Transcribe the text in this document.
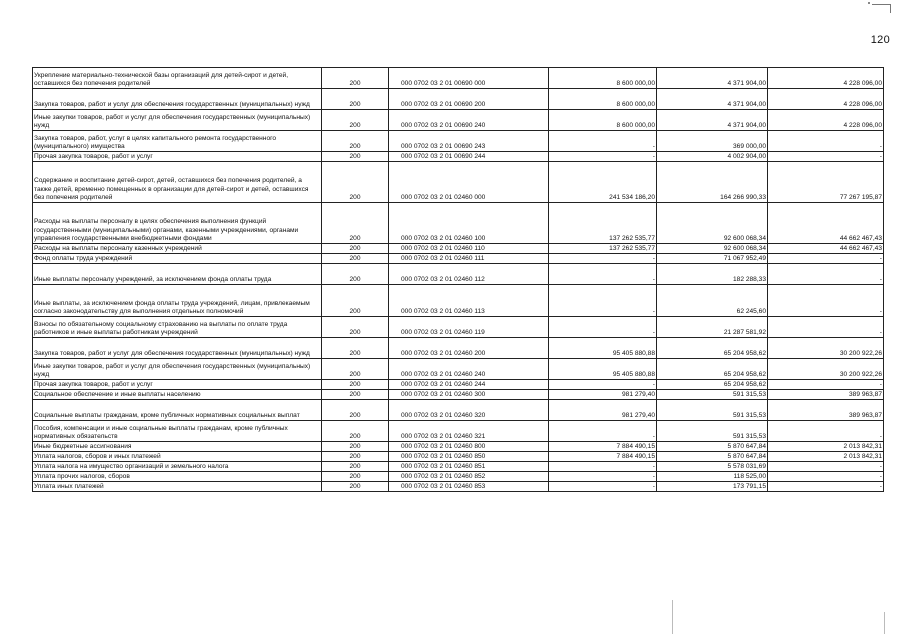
120
Укрепление материально-технической базы организаций для детей-сирот и детей, оставшихся без попечения родителей	200	000 0702 03 2 01 00690 000	8 600 000,00	4 371 904,00	4 228 096,00
Закупка товаров, работ и услуг для обеспечения государственных (муниципальных) нужд	200	000 0702 03 2 01 00690 200	8 600 000,00	4 371 904,00	4 228 096,00
Иные закупки товаров, работ и услуг для обеспечения государственных (муниципальных) нужд	200	000 0702 03 2 01 00690 240	8 600 000,00	4 371 904,00	4 228 096,00
Закупка товаров, работ, услуг в целях капитального ремонта государственного (муниципального) имущества	200	000 0702 03 2 01 00690 243	-	369 000,00	-
Прочая закупка товаров, работ и услуг	200	000 0702 03 2 01 00690 244	-	4 002 904,00	-
Содержание и воспитание детей-сирот, детей, оставшихся без попечения родителей, а также детей, временно помещенных в организации для детей-сирот и детей, оставшихся без попечения родителей	200	000 0702 03 2 01 02460 000	241 534 186,20	164 266 990,33	77 267 195,87
Расходы на выплаты персоналу в целях обеспечения выполнения функций государственными (муниципальными) органами, казенными учреждениями, органами управления государственными внебюджетными фондами	200	000 0702 03 2 01 02460 100	137 262 535,77	92 600 068,34	44 662 467,43
Расходы на выплаты персоналу казенных учреждений	200	000 0702 03 2 01 02460 110	137 262 535,77	92 600 068,34	44 662 467,43
Фонд оплаты труда учреждений	200	000 0702 03 2 01 02460 111	-	71 067 952,49	-
Иные выплаты персоналу учреждений, за исключением фонда оплаты труда	200	000 0702 03 2 01 02460 112	-	182 288,33	-
Иные выплаты, за исключением фонда оплаты труда учреждений, лицам, привлекаемым согласно законодательству для выполнения отдельных полномочий	200	000 0702 03 2 01 02460 113	-	62 245,60	-
Взносы по обязательному социальному страхованию на выплаты по оплате труда работников и иные выплаты работникам учреждений	200	000 0702 03 2 01 02460 119	-	21 287 581,92	-
Закупка товаров, работ и услуг для обеспечения государственных (муниципальных) нужд	200	000 0702 03 2 01 02460 200	95 405 880,88	65 204 958,62	30 200 922,26
Иные закупки товаров, работ и услуг для обеспечения государственных (муниципальных) нужд	200	000 0702 03 2 01 02460 240	95 405 880,88	65 204 958,62	30 200 922,26
Прочая закупка товаров, работ и услуг	200	000 0702 03 2 01 02460 244	-	65 204 958,62	-
Социальное обеспечение и иные выплаты населению	200	000 0702 03 2 01 02460 300	981 279,40	591 315,53	389 963,87
Социальные выплаты гражданам, кроме публичных нормативных социальных выплат	200	000 0702 03 2 01 02460 320	981 279,40	591 315,53	389 963,87
Пособия, компенсации и иные социальные выплаты гражданам, кроме публичных нормативных обязательств	200	000 0702 03 2 01 02460 321	-	591 315,53	-
Иные бюджетные ассигнования	200	000 0702 03 2 01 02460 800	7 884 490,15	5 870 647,84	2 013 842,31
Уплата налогов, сборов и иных платежей	200	000 0702 03 2 01 02460 850	7 884 490,15	5 870 647,84	2 013 842,31
Уплата налога на имущество организаций и земельного налога	200	000 0702 03 2 01 02460 851	-	5 578 031,69	-
Уплата прочих налогов, сборов	200	000 0702 03 2 01 02460 852	-	118 525,00	-
Уплата иных платежей	200	000 0702 03 2 01 02460 853	-	173 791,15	-
